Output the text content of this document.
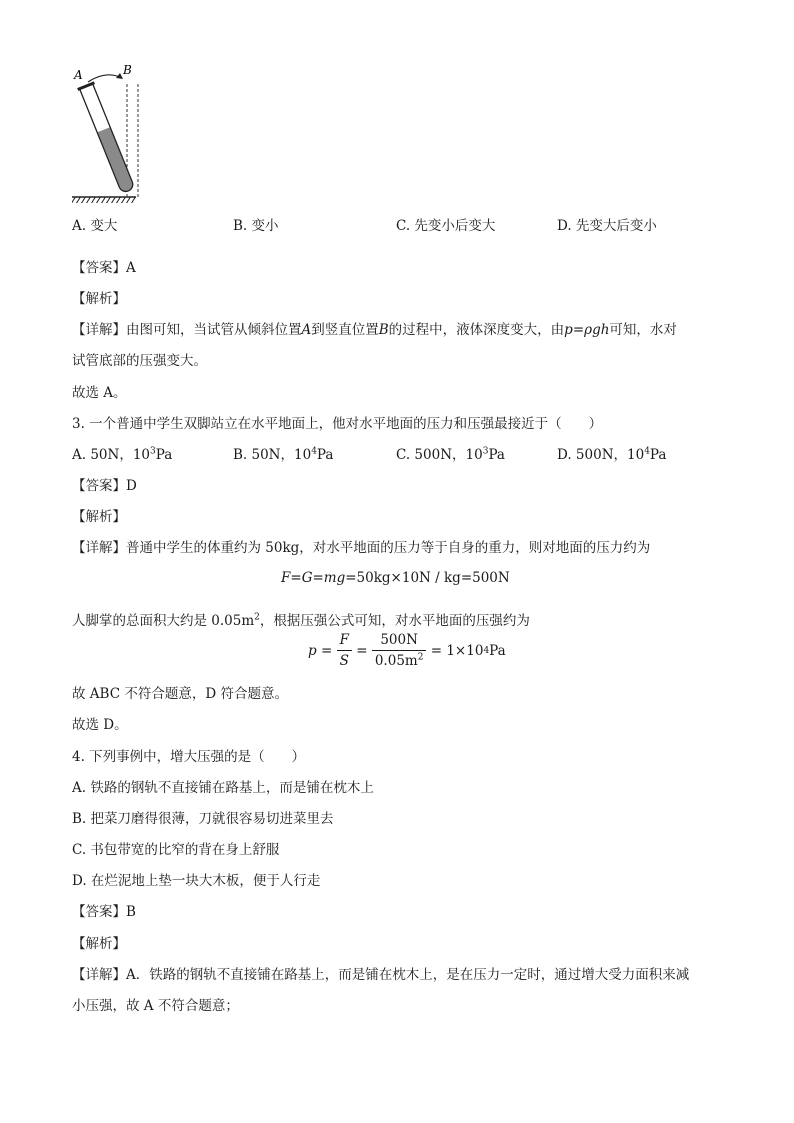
A	B
A. 变大	B. 变小	C. 先变小后变大	D. 先变大后变小
【答案】A
【解析】
【详解】由图可知，当试管从倾斜位置A到竖直位置B的过程中，液体深度变大，由p=ρgh可知，水对
试管底部的压强变大。
故选 A。
3. 一个普通中学生双脚站立在水平地面上，他对水平地面的压力和压强最接近于（　　）
A. 50N，$10^3Pa$	B. 50N，$10^4Pa$	C. 500N，$10^3Pa$	D. 500N，$10^4Pa$
【答案】D
【解析】
【详解】普通中学生的体重约为 50kg，对水平地面的压力等于自身的重力，则对地面的压力约为
F=G=mg=50kg×10N / kg=500N
人脚掌的总面积大约是 $0.05m^2$，根据压强公式可知，对水平地面的压强约为
$p = \frac{F}{S} = \frac{500N}{0.05m^2} = 1\times 10$ 4 Pa
故 ABC 不符合题意，D 符合题意。
故选 D。
4. 下列事例中，增大压强的是（　　）
A. 铁路的钢轨不直接铺在路基上，而是铺在枕木上
B. 把菜刀磨得很薄，刀就很容易切进菜里去
C. 书包带宽的比窄的背在身上舒服
D. 在烂泥地上垫一块大木板，便于人行走
【答案】B
【解析】
【详解】A．铁路的钢轨不直接铺在路基上，而是铺在枕木上，是在压力一定时，通过增大受力面积来减
小压强，故 A 不符合题意；
